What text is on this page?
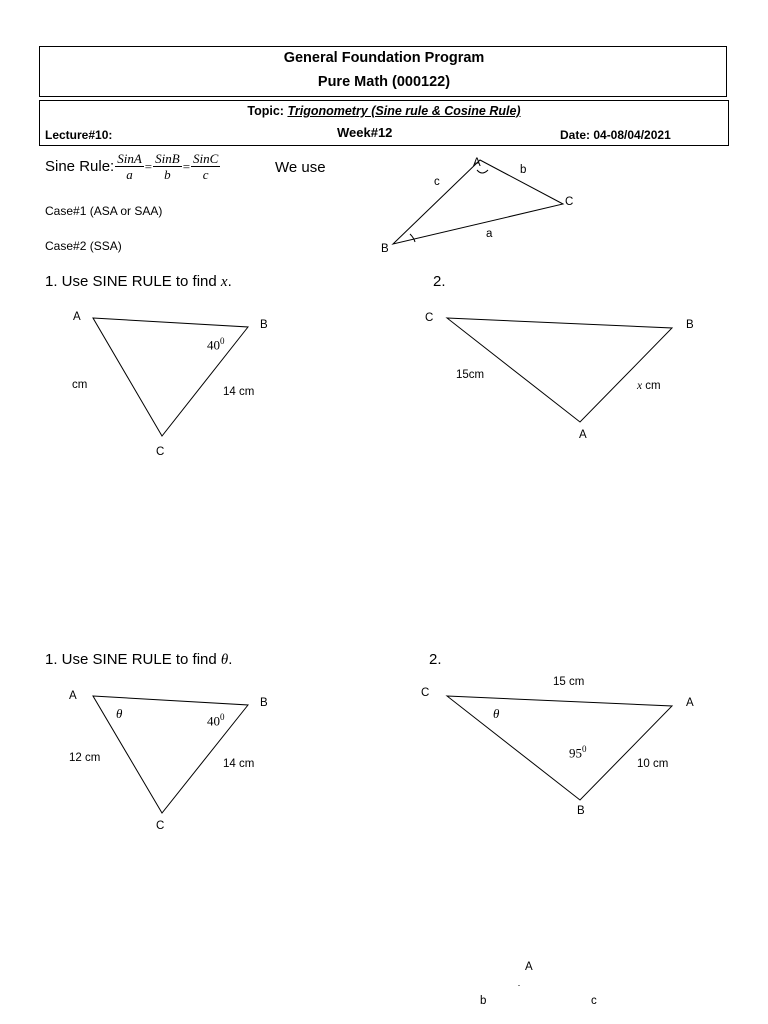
General Foundation Program
Pure Math (000122)
Topic: Trigonometry (Sine rule & Cosine Rule)
Lecture#10:	Week#12	Date: 04-08/04/2021
Sine Rule: $\frac{\text{SinA}}{a} = \frac{\text{SinB}}{b} = \frac{\text{SinC}}{c}$	We use
Case#1 (ASA or SAA)
Case#2 (SSA)
A
b
c
C
a
B
1. Use SINE RULE to find x.	2.
A
B
C
$40^0$
cm
14 cm
C
B
A
15cm
x cm
1. Use SINE RULE to find θ.	2.
A
B
C
θ	$40^0$
12 cm	14 cm
15 cm
C
A
θ
$95^0$
10 cm
B
A
b	c
